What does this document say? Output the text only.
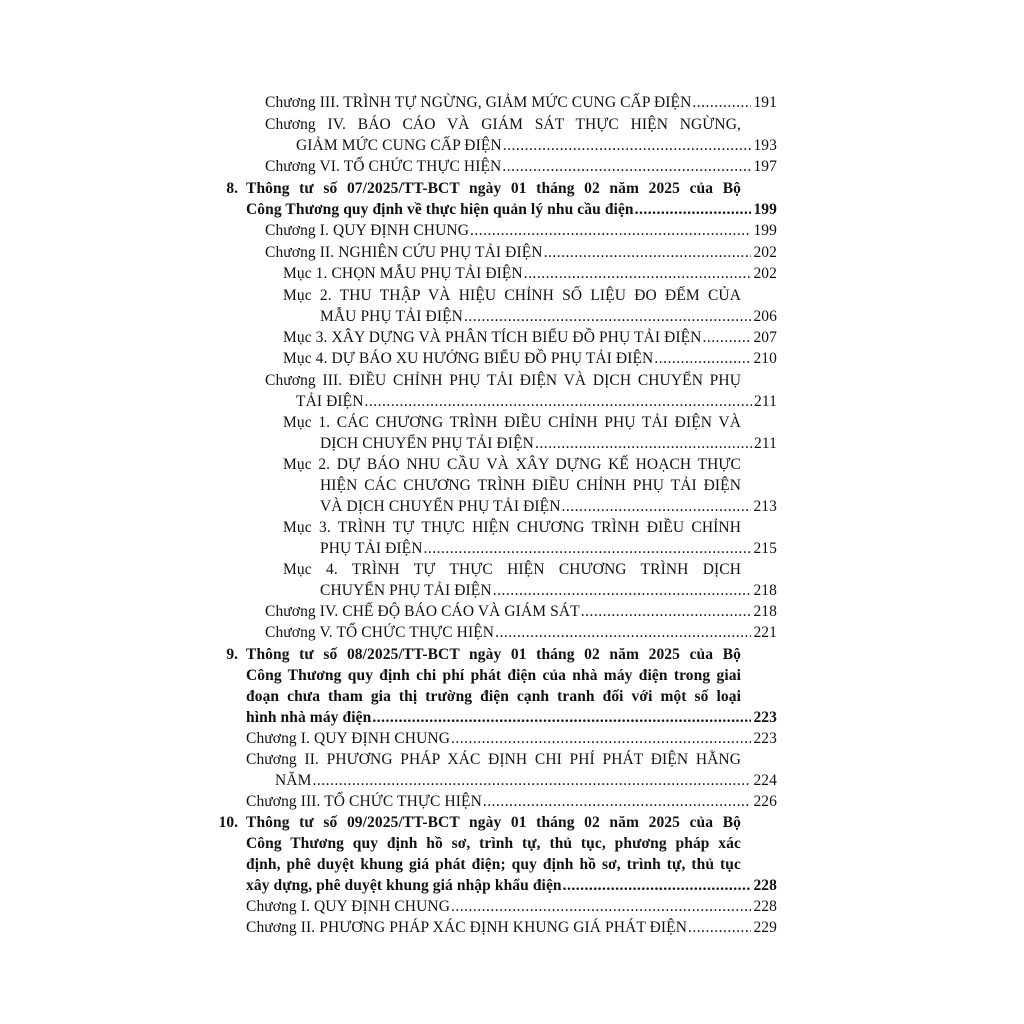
Chương III. TRÌNH TỰ NGỪNG, GIẢM MỨC CUNG CẤP ĐIỆN .....	191
Chương IV. BÁO CÁO VÀ GIÁM SÁT THỰC HIỆN NGỪNG,
GIẢM MỨC CUNG CẤP ĐIỆN .....	193
Chương VI. TỔ CHỨC THỰC HIỆN .....	197
8. Thông tư số 07/2025/TT-BCT ngày 01 tháng 02 năm 2025 của Bộ
Công Thương quy định về thực hiện quản lý nhu cầu điện .....	199
Chương I. QUY ĐỊNH CHUNG .....	199
Chương II. NGHIÊN CỨU PHỤ TẢI ĐIỆN .....	202
Mục 1. CHỌN MẪU PHỤ TẢI ĐIỆN .....	202
Mục 2. THU THẬP VÀ HIỆU CHỈNH SỐ LIỆU ĐO ĐẾM CỦA
MẪU PHỤ TẢI ĐIỆN .....	206
Mục 3. XÂY DỰNG VÀ PHÂN TÍCH BIỂU ĐỒ PHỤ TẢI ĐIỆN .....	207
Mục 4. DỰ BÁO XU HƯỚNG BIỂU ĐỒ PHỤ TẢI ĐIỆN .....	210
Chương III. ĐIỀU CHỈNH PHỤ TẢI ĐIỆN VÀ DỊCH CHUYỂN PHỤ
TẢI ĐIỆN .....	211
Mục 1. CÁC CHƯƠNG TRÌNH ĐIỀU CHỈNH PHỤ TẢI ĐIỆN VÀ
DỊCH CHUYỂN PHỤ TẢI ĐIỆN .....	211
Mục 2. DỰ BÁO NHU CẦU VÀ XÂY DỰNG KẾ HOẠCH THỰC
HIỆN CÁC CHƯƠNG TRÌNH ĐIỀU CHỈNH PHỤ TẢI ĐIỆN
VÀ DỊCH CHUYỂN PHỤ TẢI ĐIỆN .....	213
Mục 3. TRÌNH TỰ THỰC HIỆN CHƯƠNG TRÌNH ĐIỀU CHỈNH
PHỤ TẢI ĐIỆN .....	215
Mục 4. TRÌNH TỰ THỰC HIỆN CHƯƠNG TRÌNH DỊCH
CHUYỂN PHỤ TẢI ĐIỆN .....	218
Chương IV. CHẾ ĐỘ BÁO CÁO VÀ GIÁM SÁT .....	218
Chương V. TỔ CHỨC THỰC HIỆN .....	221
9. Thông tư số 08/2025/TT-BCT ngày 01 tháng 02 năm 2025 của Bộ
Công Thương quy định chi phí phát điện của nhà máy điện trong giai
đoạn chưa tham gia thị trường điện cạnh tranh đối với một số loại
hình nhà máy điện .....	223
Chương I. QUY ĐỊNH CHUNG .....	223
Chương II. PHƯƠNG PHÁP XÁC ĐỊNH CHI PHÍ PHÁT ĐIỆN HẰNG
NĂM .....	224
Chương III. TỔ CHỨC THỰC HIỆN .....	226
10. Thông tư số 09/2025/TT-BCT ngày 01 tháng 02 năm 2025 của Bộ
Công Thương quy định hồ sơ, trình tự, thủ tục, phương pháp xác
định, phê duyệt khung giá phát điện; quy định hồ sơ, trình tự, thủ tục
xây dựng, phê duyệt khung giá nhập khẩu điện .....	228
Chương I. QUY ĐỊNH CHUNG .....	228
Chương II. PHƯƠNG PHÁP XÁC ĐỊNH KHUNG GIÁ PHÁT ĐIỆN .....	229
